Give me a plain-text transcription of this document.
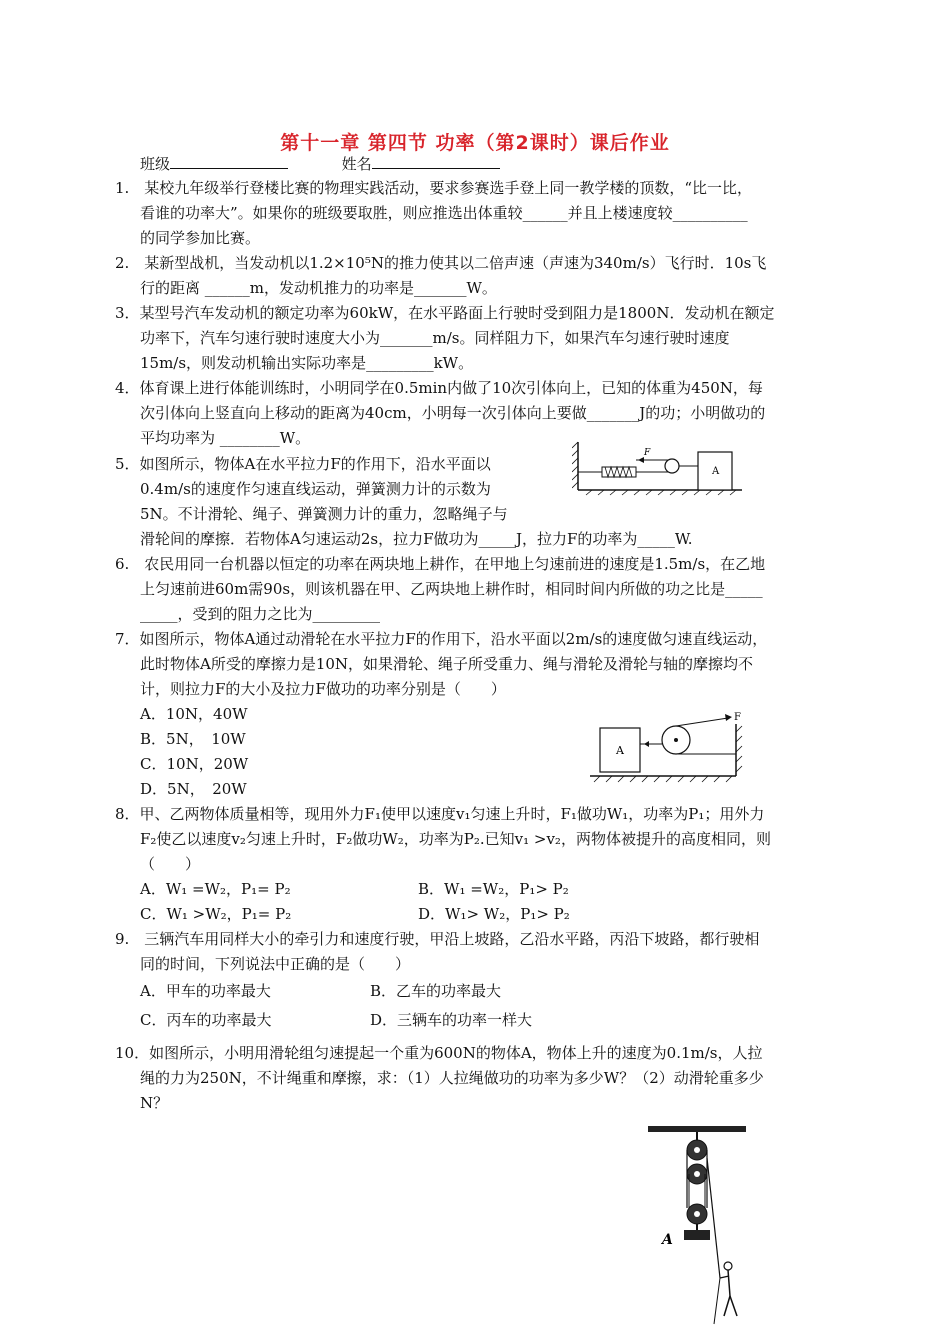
第十一章 第四节 功率（第2课时）课后作业
班级	姓名
1.　某校九年级举行登楼比赛的物理实践活动，要求参赛选手登上同一教学楼的顶数，“比一比，
看谁的功率大”。如果你的班级要取胜，则应推选出体重较______并且上楼速度较__________
的同学参加比赛。
2.　某新型战机，当发动机以1.2×10⁵N的推力使其以二倍声速（声速为340m/s）飞行时．10s飞
行的距离 ______m，发动机推力的功率是_______W。
3．某型号汽车发动机的额定功率为60kW，在水平路面上行驶时受到阻力是1800N．发动机在额定
功率下，汽车匀速行驶时速度大小为_______m/s。同样阻力下，如果汽车匀速行驶时速度
15m/s，则发动机输出实际功率是_________kW。
4．体育课上进行体能训练时，小明同学在0.5min内做了10次引体向上，已知的体重为450N，每
次引体向上竖直向上移动的距离为40cm，小明每一次引体向上要做_______J的功；小明做功的
平均功率为 ________W。
5．如图所示，物体A在水平拉力F的作用下，沿水平面以
0.4m/s的速度作匀速直线运动，弹簧测力计的示数为
5N。不计滑轮、绳子、弹簧测力计的重力，忽略绳子与
滑轮间的摩擦．若物体A匀速运动2s，拉力F做功为_____J，拉力F的功率为_____W.
F
A
6.　农民用同一台机器以恒定的功率在两块地上耕作，在甲地上匀速前进的速度是1.5m/s，在乙地
上匀速前进60m需90s，则该机器在甲、乙两块地上耕作时，相同时间内所做的功之比是_____
_____，受到的阻力之比为_________
7．如图所示，物体A通过动滑轮在水平拉力F的作用下，沿水平面以2m/s的速度做匀速直线运动，
此时物体A所受的摩擦力是10N，如果滑轮、绳子所受重力、绳与滑轮及滑轮与轴的摩擦均不
计，则拉力F的大小及拉力F做功的功率分别是（　　）
A．10N，40W
B．5N，　10W
C．10N，20W
D．5N，　20W
A
F
8．甲、乙两物体质量相等，现用外力F₁使甲以速度v₁匀速上升时，F₁做功W₁，功率为P₁；用外力
F₂使乙以速度v₂匀速上升时，F₂做功W₂，功率为P₂.已知v₁ >v₂，两物体被提升的高度相同，则
（　　）
A．W₁ =W₂，P₁= P₂	B．W₁ =W₂，P₁> P₂
C．W₁ >W₂，P₁= P₂	D．W₁> W₂，P₁> P₂
9.　三辆汽车用同样大小的牵引力和速度行驶，甲沿上坡路，乙沿水平路，丙沿下坡路，都行驶相
同的时间，下列说法中正确的是（　　）
A．甲车的功率最大	B．乙车的功率最大
C．丙车的功率最大	D．三辆车的功率一样大
10．如图所示，小明用滑轮组匀速提起一个重为600N的物体A，物体上升的速度为0.1m/s，人拉
绳的力为250N，不计绳重和摩擦，求：（1）人拉绳做功的功率为多少W？（2）动滑轮重多少
N？
A
